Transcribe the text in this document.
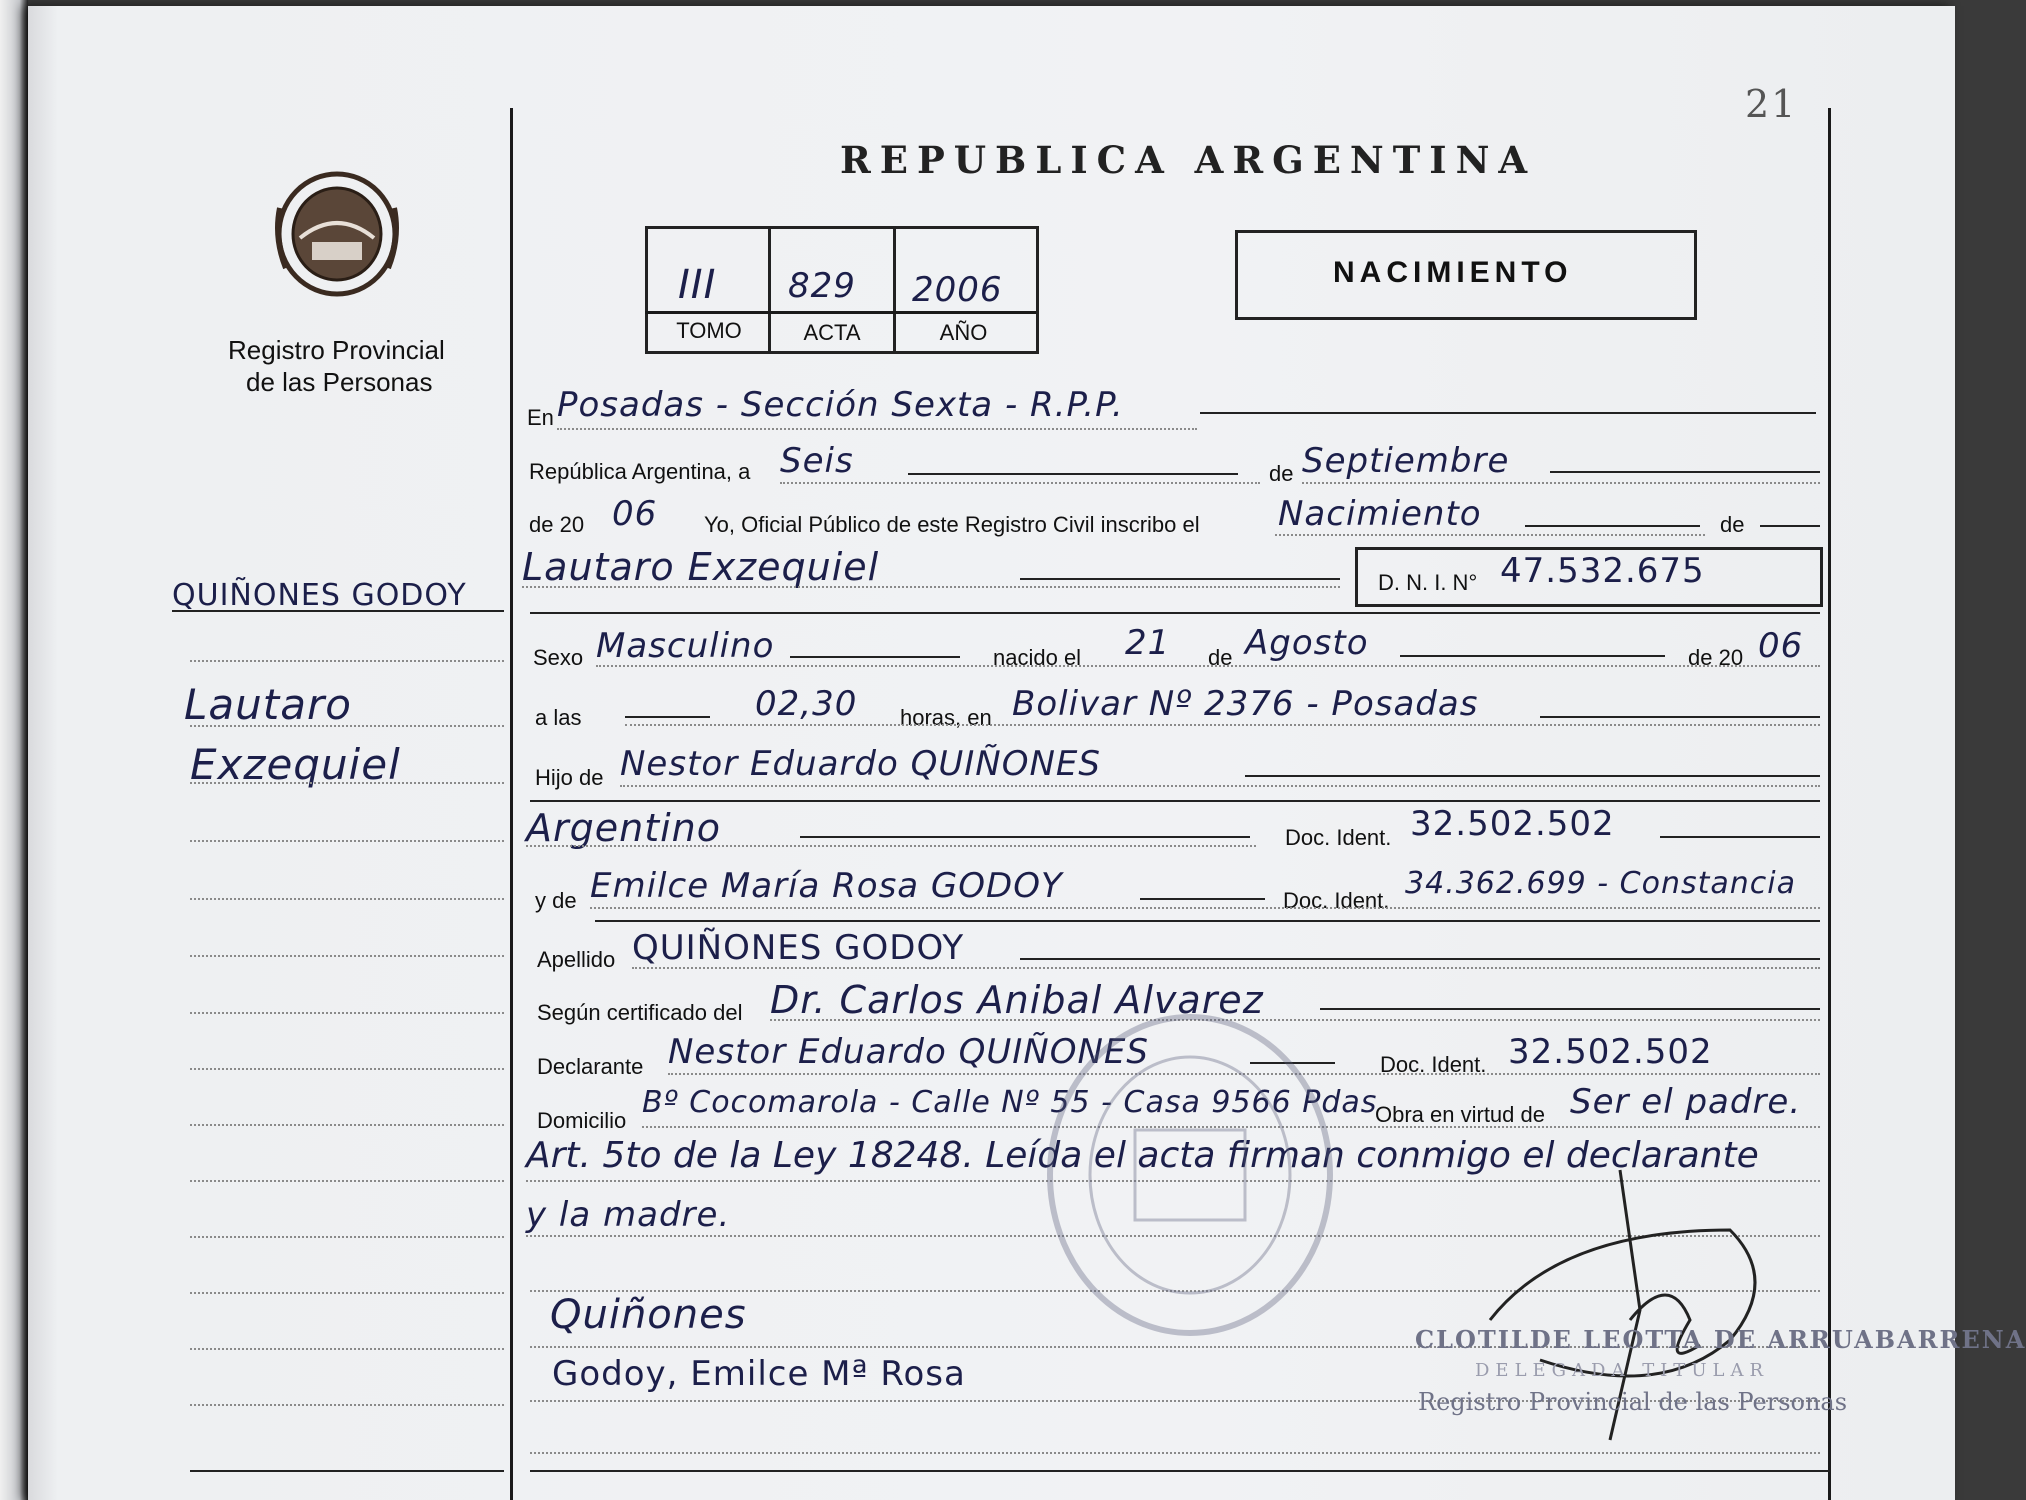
21
Registro Provincial
de las Personas
REPUBLICA ARGENTINA
III 829 2006
TOMO	ACTA	AÑO
NACIMIENTO
QUIÑONES GODOY
Lautaro
Exzequiel
En Posadas - Sección Sexta - R.P.P.
República Argentina, a Seis	de Septiembre
de 20 06 Yo, Oficial Público de este Registro Civil inscribo el Nacimiento	de
Lautaro Exzequiel	D. N. I. N° 47.532.675
Sexo Masculino	nacido el 21 de Agosto	de 20 06
a las	02,30 horas, en Bolivar Nº 2376 - Posadas
Hijo de Nestor Eduardo QUIÑONES
Argentino	Doc. Ident. 32.502.502
y de Emilce María Rosa GODOY	Doc. Ident. 34.362.699 - Constancia
Apellido QUIÑONES GODOY
Según certificado del Dr. Carlos Anibal Alvarez
Declarante Nestor Eduardo QUIÑONES	Doc. Ident. 32.502.502
Domicilio
Bº Cocomarola - Calle Nº 55 - Casa 9566 Pdas
Obra en virtud de Ser el padre.
Art. 5to de la Ley 18248. Leída el acta firman conmigo el declarante
y la madre.
Quiñones
Godoy, Emilce Mª Rosa
CLOTILDE LEOTTA DE ARRUABARRENA
DELEGADA TITULAR
Registro Provincial de las Personas
